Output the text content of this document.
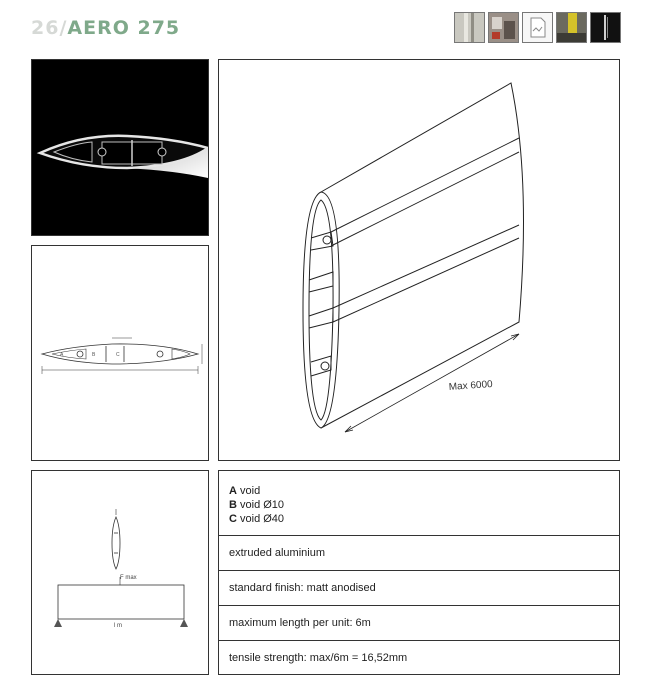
26/AERO 275
A	B	C
Max 6000
F max
l m
A void
B void Ø10
C void Ø40
extruded aluminium
standard finish: matt anodised
maximum length per unit: 6m
tensile strength: max/6m = 16,52mm
